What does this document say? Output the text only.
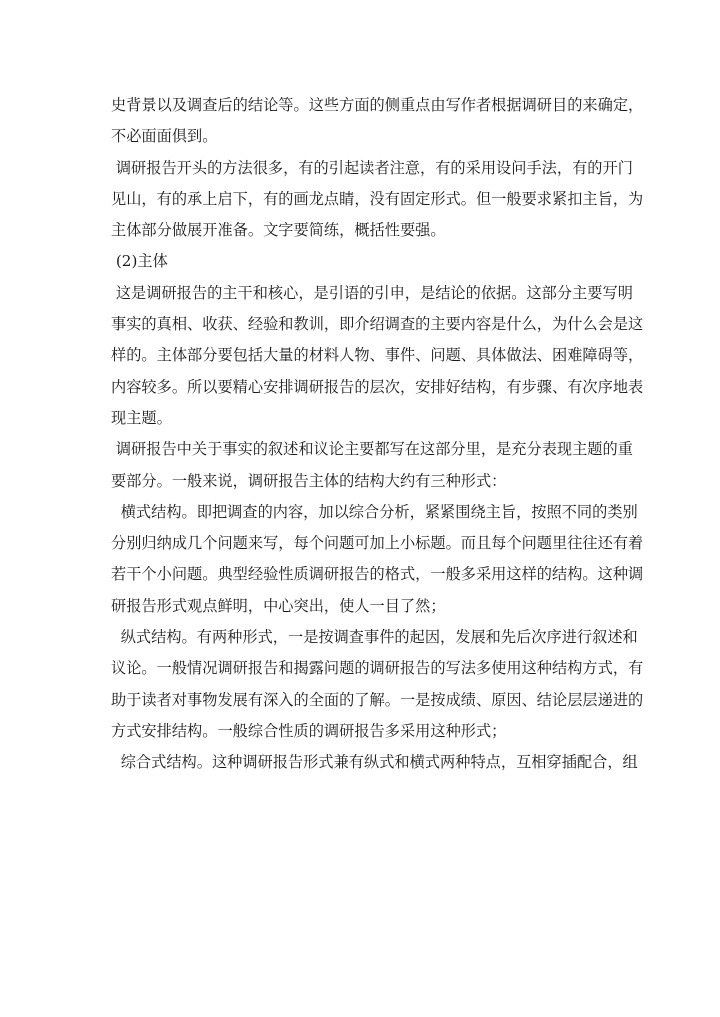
史背景以及调查后的结论等。这些方面的侧重点由写作者根据调研目的来确定，
不必面面俱到。
调研报告开头的方法很多，有的引起读者注意，有的采用设问手法，有的开门
见山，有的承上启下，有的画龙点睛，没有固定形式。但一般要求紧扣主旨，为
主体部分做展开准备。文字要简练，概括性要强。
(2)主体
这是调研报告的主干和核心，是引语的引申，是结论的依据。这部分主要写明
事实的真相、收获、经验和教训，即介绍调查的主要内容是什么，为什么会是这
样的。主体部分要包括大量的材料人物、事件、问题、具体做法、困难障碍等，
内容较多。所以要精心安排调研报告的层次，安排好结构，有步骤、有次序地表
现主题。
调研报告中关于事实的叙述和议论主要都写在这部分里，是充分表现主题的重
要部分。一般来说，调研报告主体的结构大约有三种形式：
横式结构。即把调查的内容，加以综合分析，紧紧围绕主旨，按照不同的类别
分别归纳成几个问题来写，每个问题可加上小标题。而且每个问题里往往还有着
若干个小问题。典型经验性质调研报告的格式，一般多采用这样的结构。这种调
研报告形式观点鲜明，中心突出，使人一目了然；
纵式结构。有两种形式，一是按调查事件的起因，发展和先后次序进行叙述和
议论。一般情况调研报告和揭露问题的调研报告的写法多使用这种结构方式，有
助于读者对事物发展有深入的全面的了解。一是按成绩、原因、结论层层递进的
方式安排结构。一般综合性质的调研报告多采用这种形式；
综合式结构。这种调研报告形式兼有纵式和横式两种特点，互相穿插配合，组
